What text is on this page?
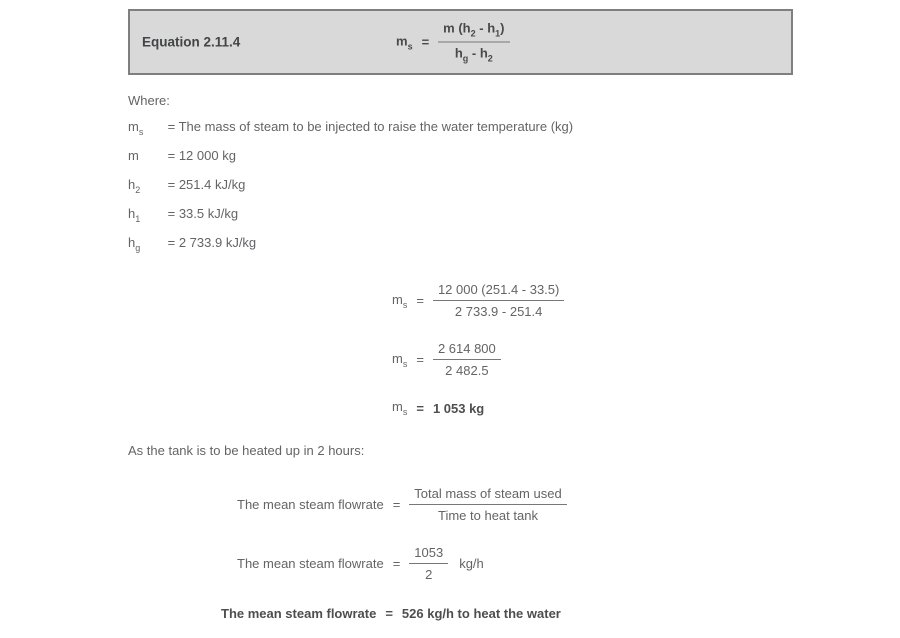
Equation 2.11.4	$m_s = \frac{m (h_2 - h_1)}{h_g - h_2}$
Where:
$m_s$ = The mass of steam to be injected to raise the water temperature (kg)
m = 12 000 kg
$h_2 = 251.4$ kJ/kg
$h_1 = 33.5$ kJ/kg
$h_g = 2$ 733.9 kJ/kg
$m_s = \frac{12 000 (251.4 - 33.5)}{2 733.9 - 251.4}$
$m_s = \frac{2 614 800}{2 482.5}$
$m_s = 1$ 053 kg
As the tank is to be heated up in 2 hours:
The mean steam flowrate = $\frac{\text{Total mass of steam used}}{\text{Time to heat tank}}$
The mean steam flowrate = $\frac{1053}{2} kg/h$
The mean steam flowrate = 526 kg/h to heat the water
